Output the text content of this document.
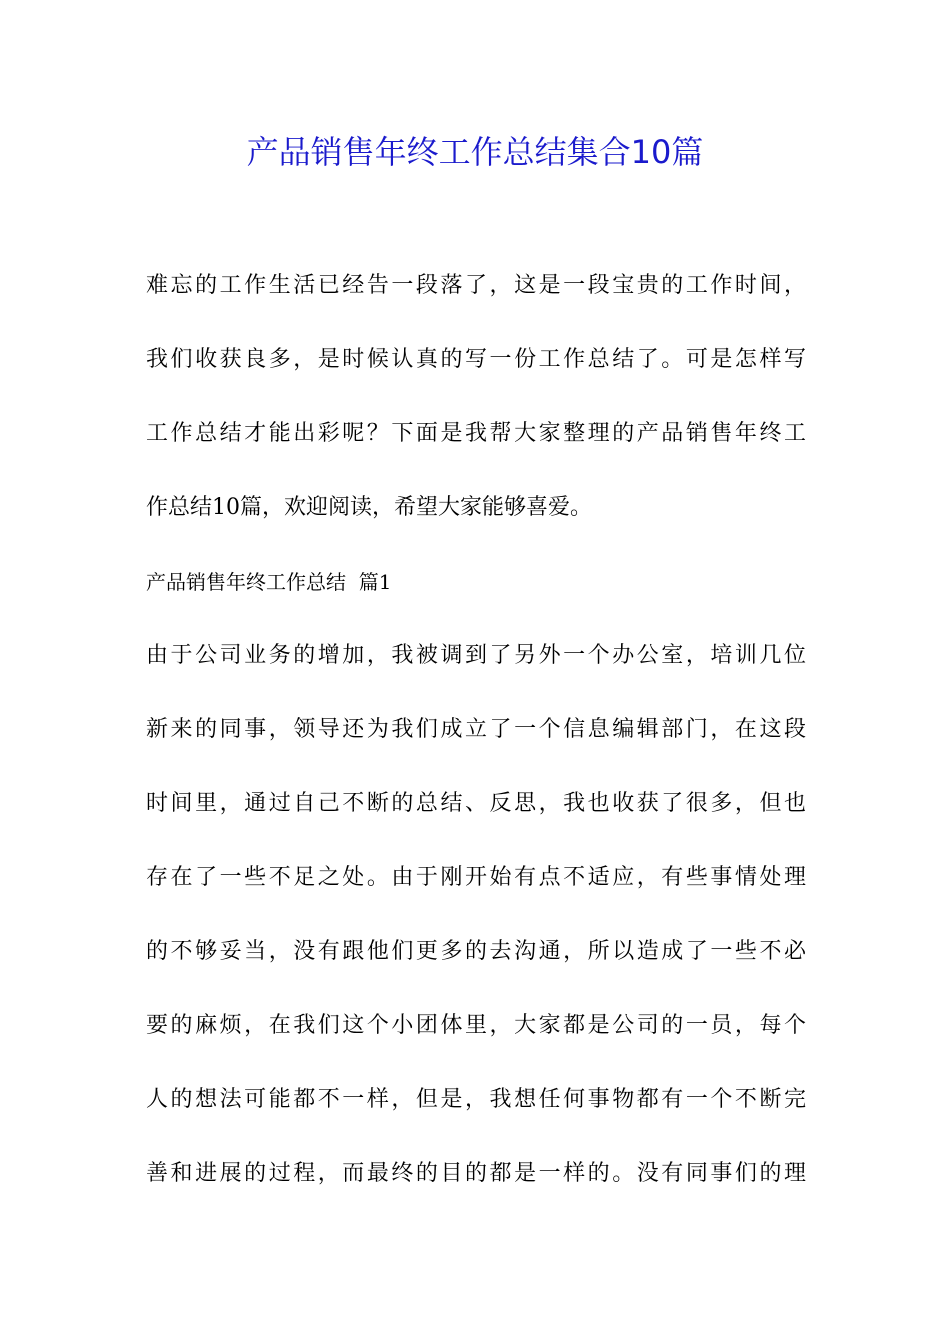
产品销售年终工作总结集合10篇
难忘的工作生活已经告一段落了，这是一段宝贵的工作时间，
我们收获良多，是时候认真的写一份工作总结了。可是怎样写
工作总结才能出彩呢？下面是我帮大家整理的产品销售年终工
作总结10篇，欢迎阅读，希望大家能够喜爱。
产品销售年终工作总结  篇1
由于公司业务的增加，我被调到了另外一个办公室，培训几位
新来的同事，领导还为我们成立了一个信息编辑部门，在这段
时间里，通过自己不断的总结、反思，我也收获了很多，但也
存在了一些不足之处。由于刚开始有点不适应，有些事情处理
的不够妥当，没有跟他们更多的去沟通，所以造成了一些不必
要的麻烦，在我们这个小团体里，大家都是公司的一员，每个
人的想法可能都不一样，但是，我想任何事物都有一个不断完
善和进展的过程，而最终的目的都是一样的。没有同事们的理
